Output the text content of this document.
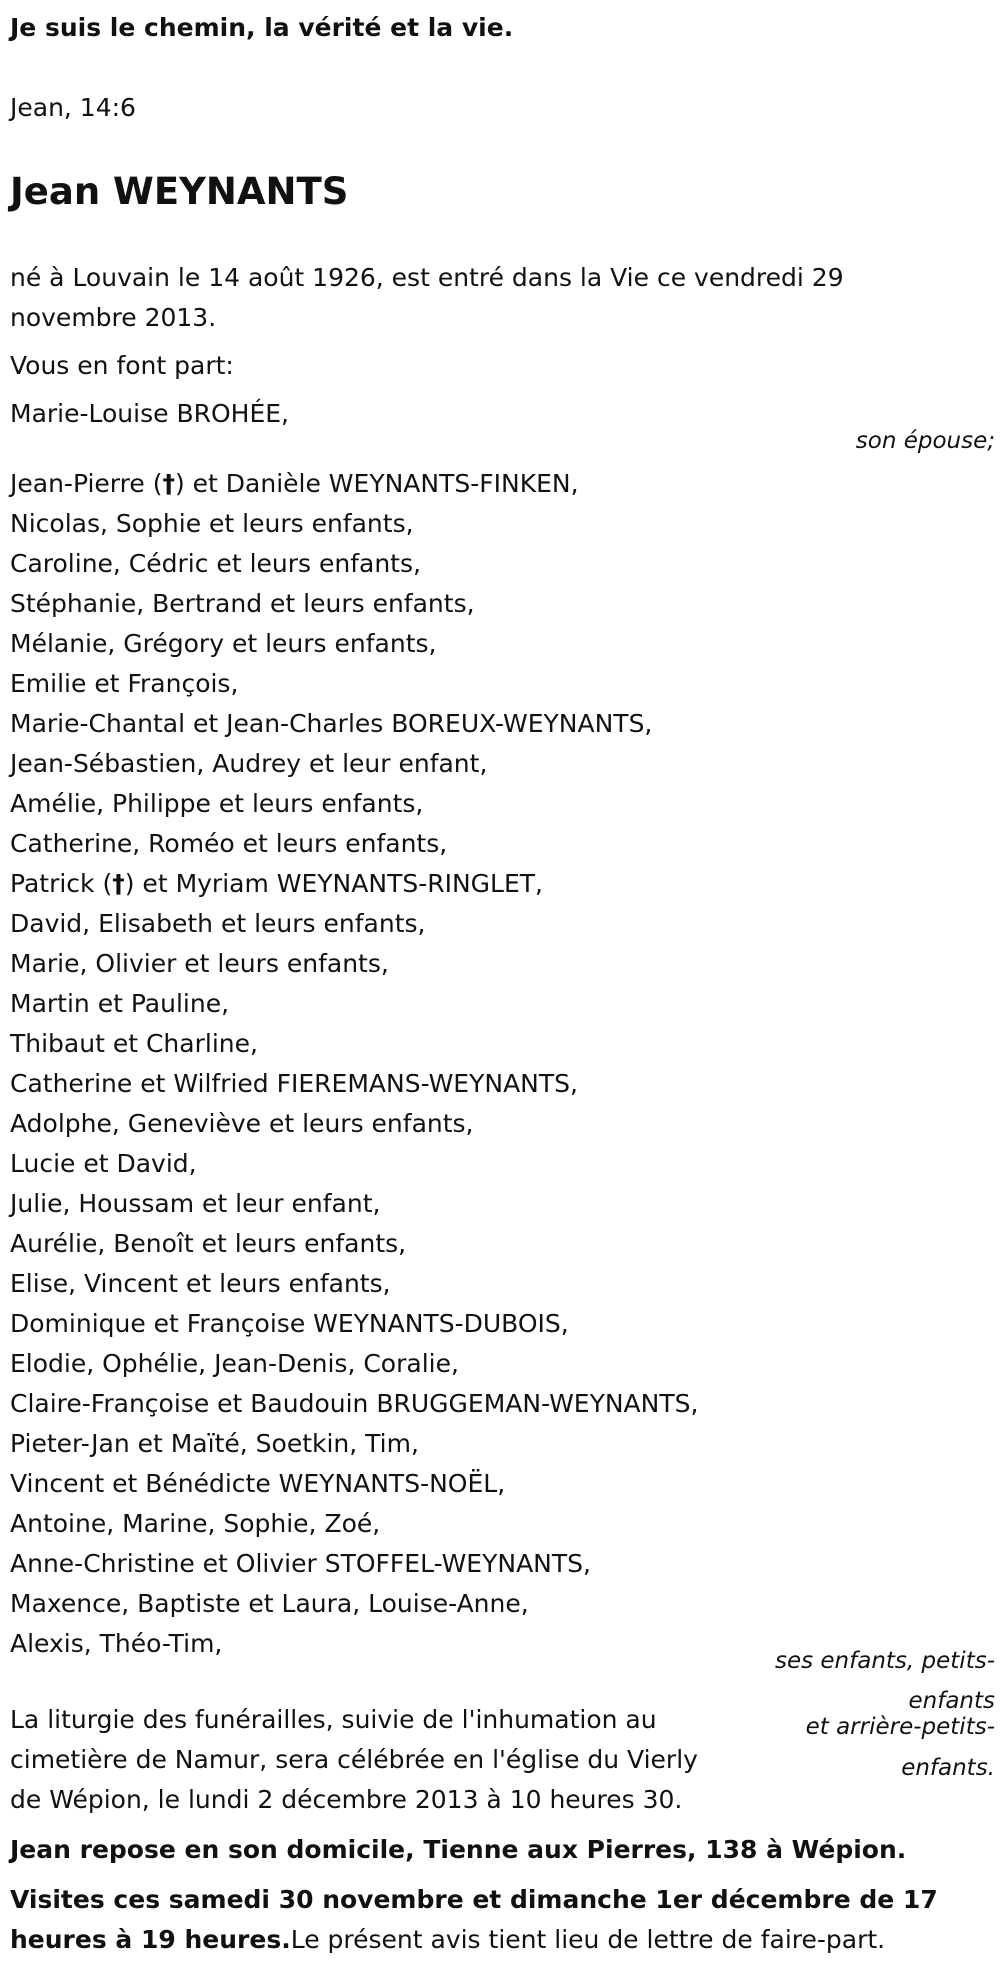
Je suis le chemin, la vérité et la vie.
Jean, 14:6
Jean WEYNANTS
né à Louvain le 14 août 1926, est entré dans la Vie ce vendredi 29
novembre 2013.
Vous en font part:
Marie-Louise BROHÉE,
son épouse;
Jean-Pierre (†) et Danièle WEYNANTS-FINKEN,
Nicolas, Sophie et leurs enfants,
Caroline, Cédric et leurs enfants,
Stéphanie, Bertrand et leurs enfants,
Mélanie, Grégory et leurs enfants,
Emilie et François,
Marie-Chantal et Jean-Charles BOREUX-WEYNANTS,
Jean-Sébastien, Audrey et leur enfant,
Amélie, Philippe et leurs enfants,
Catherine, Roméo et leurs enfants,
Patrick (†) et Myriam WEYNANTS-RINGLET,
David, Elisabeth et leurs enfants,
Marie, Olivier et leurs enfants,
Martin et Pauline,
Thibaut et Charline,
Catherine et Wilfried FIEREMANS-WEYNANTS,
Adolphe, Geneviève et leurs enfants,
Lucie et David,
Julie, Houssam et leur enfant,
Aurélie, Benoît et leurs enfants,
Elise, Vincent et leurs enfants,
Dominique et Françoise WEYNANTS-DUBOIS,
Elodie, Ophélie, Jean-Denis, Coralie,
Claire-Françoise et Baudouin BRUGGEMAN-WEYNANTS,
Pieter-Jan et Maïté, Soetkin, Tim,
Vincent et Bénédicte WEYNANTS-NOËL,
Antoine, Marine, Sophie, Zoé,
Anne-Christine et Olivier STOFFEL-WEYNANTS,
Maxence, Baptiste et Laura, Louise-Anne,
Alexis, Théo-Tim,
ses enfants, petits-
enfants
et arrière-petits-
enfants.
La liturgie des funérailles, suivie de l'inhumation au
cimetière de Namur, sera célébrée en l'église du Vierly
de Wépion, le lundi 2 décembre 2013 à 10 heures 30.
Jean repose en son domicile, Tienne aux Pierres, 138 à Wépion.
Visites ces samedi 30 novembre et dimanche 1er décembre de 17
heures à 19 heures.Le présent avis tient lieu de lettre de faire-part.
